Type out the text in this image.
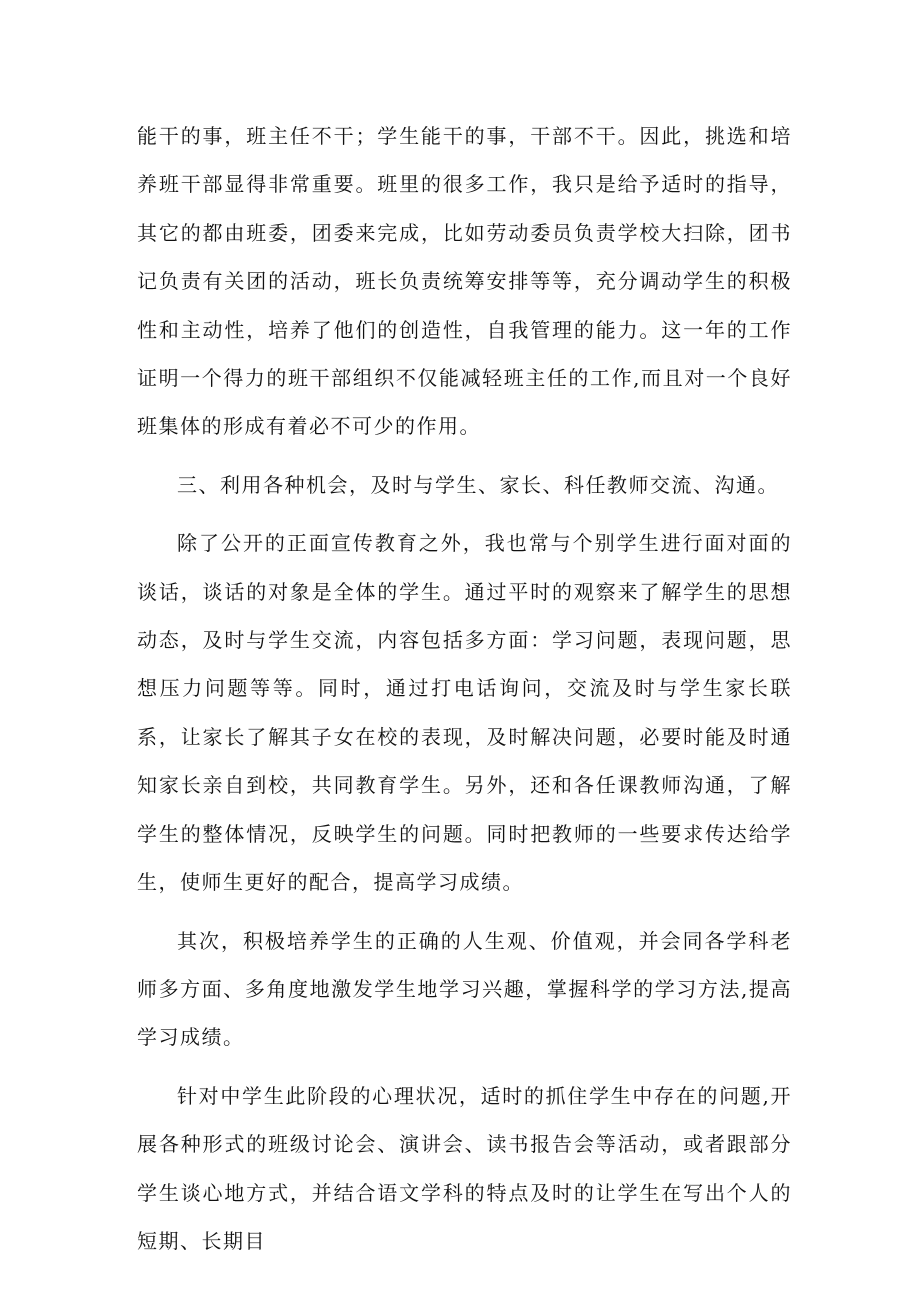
能干的事，班主任不干；学生能干的事，干部不干。因此，挑选和培养班干部显得非常重要。班里的很多工作，我只是给予适时的指导，其它的都由班委，团委来完成，比如劳动委员负责学校大扫除，团书记负责有关团的活动，班长负责统筹安排等等，充分调动学生的积极性和主动性，培养了他们的创造性，自我管理的能力。这一年的工作证明一个得力的班干部组织不仅能减轻班主任的工作,而且对一个良好班集体的形成有着必不可少的作用。

三、利用各种机会，及时与学生、家长、科任教师交流、沟通。

除了公开的正面宣传教育之外，我也常与个别学生进行面对面的谈话，谈话的对象是全体的学生。通过平时的观察来了解学生的思想动态，及时与学生交流，内容包括多方面：学习问题，表现问题，思想压力问题等等。同时，通过打电话询问，交流及时与学生家长联系，让家长了解其子女在校的表现，及时解决问题，必要时能及时通知家长亲自到校，共同教育学生。另外，还和各任课教师沟通，了解学生的整体情况，反映学生的问题。同时把教师的一些要求传达给学生，使师生更好的配合，提高学习成绩。

其次，积极培养学生的正确的人生观、价值观，并会同各学科老师多方面、多角度地激发学生地学习兴趣，掌握科学的学习方法,提高学习成绩。

针对中学生此阶段的心理状况，适时的抓住学生中存在的问题,开展各种形式的班级讨论会、演讲会、读书报告会等活动，或者跟部分学生谈心地方式，并结合语文学科的特点及时的让学生在写出个人的短期、长期目
